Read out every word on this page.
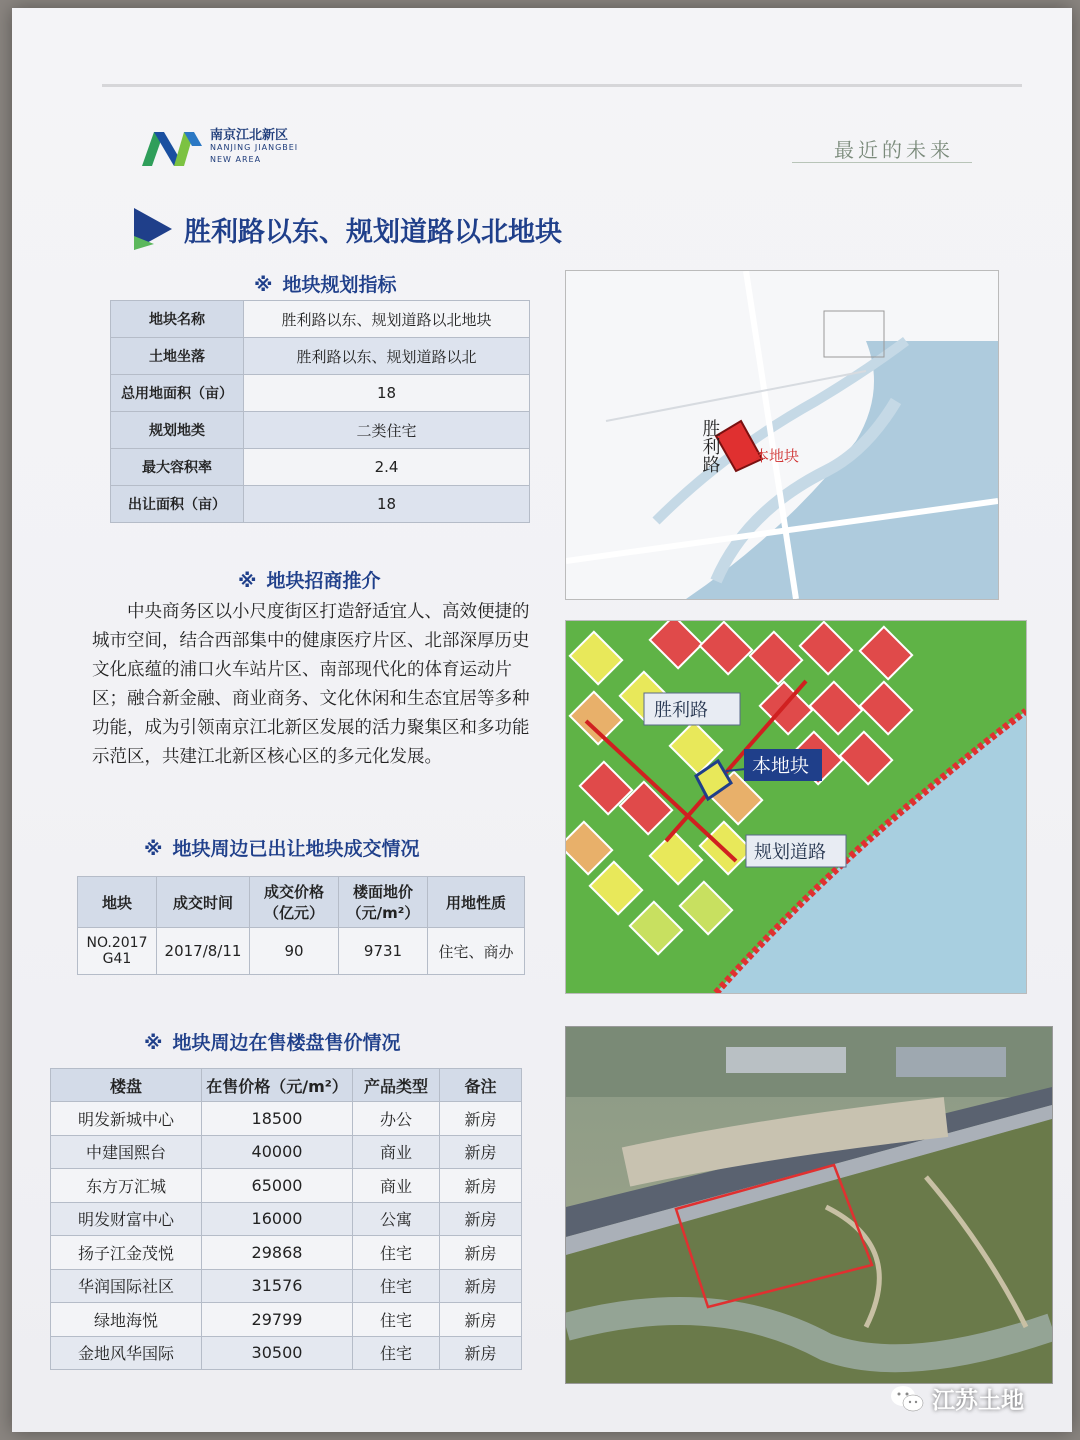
南京江北新区
NANJING JIANGBEI
NEW AREA	最近的未来
胜利路以东、规划道路以北地块
※ 地块规划指标
地块名称	胜利路以东、规划道路以北地块
土地坐落	胜利路以东、规划道路以北
总用地面积（亩）	18
规划地类	二类住宅
最大容积率	2.4
出让面积（亩）	18
※ 地块招商推介
中央商务区以小尺度街区打造舒适宜人、高效便捷的城市空间，结合西部集中的健康医疗片区、北部深厚历史文化底蕴的浦口火车站片区、南部现代化的体育运动片区；融合新金融、商业商务、文化休闲和生态宜居等多种功能，成为引领南京江北新区发展的活力聚集区和多功能示范区，共建江北新区核心区的多元化发展。
※ 地块周边已出让地块成交情况
地块	成交时间	成交价格（亿元）	楼面地价（元/m²）	用地性质
NO.2017G41	2017/8/11	90	9731	住宅、商办
※ 地块周边在售楼盘售价情况
楼盘	在售价格（元/m²）	产品类型	备注
明发新城中心	18500	办公	新房
中建国熙台	40000	商业	新房
东方万汇城	65000	商业	新房
明发财富中心	16000	公寓	新房
扬子江金茂悦	29868	住宅	新房
华润国际社区	31576	住宅	新房
绿地海悦	29799	住宅	新房
金地风华国际	30500	住宅	新房
胜利路 本地块
胜利路
本地块
规划道路
江苏土地
